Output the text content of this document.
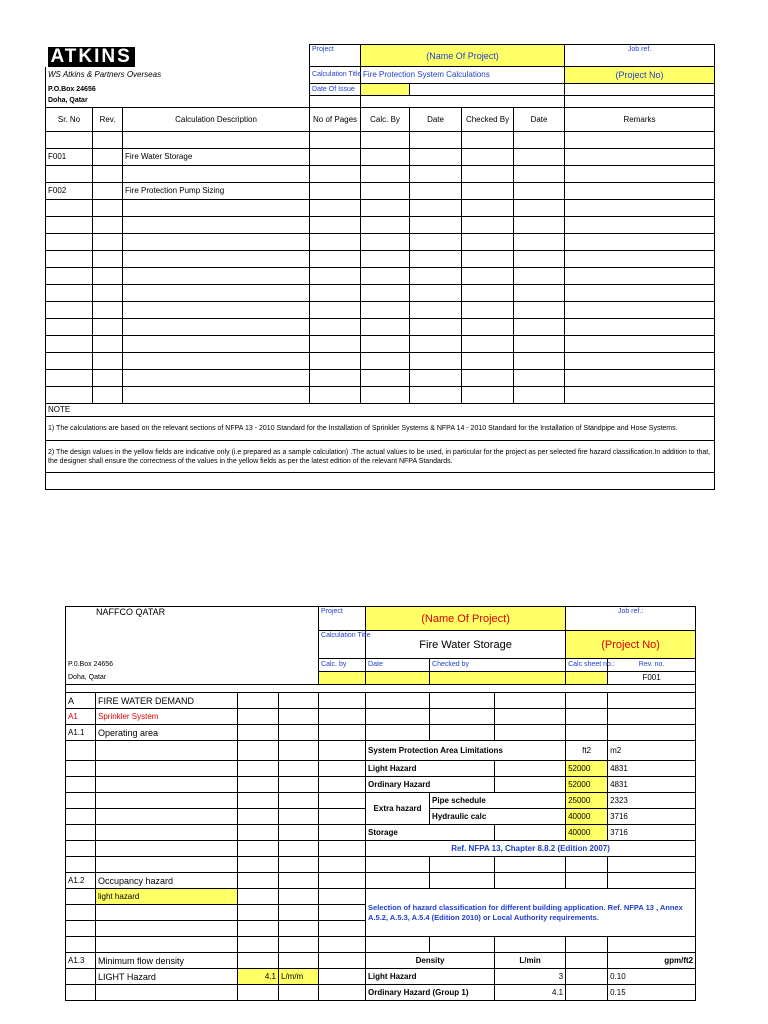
ATKINS			Project	(Name Of Project)				Job ref.
WS Atkins & Partners Overseas			Calculation Title	Fire Protection System Calculations				(Project No)
P.O.Box 24656			Date Of Issue					
Doha, Qatar								
Sr. No	Rev.	Calculation Description	No of Pages	Calc. By	Date	Checked By	Date	Remarks

F001		Fire Water Storage						

F002		Fire Protection Pump Sizing						

NOTE								
1) The calculations are based on the relevant sections of NFPA 13 - 2010 Standard for the Installation of Sprinkler Systems & NFPA 14 - 2010 Standard for the Installation of Standpipe and Hose Systems.								
2) The design values in the yellow fields are indicative only (i.e prepared as a sample calculation) .The actual values to be used, in particular for the project as per selected fire hazard classification.In addition to that, the designer shall ensure the correctness of the values in the yellow fields as per the latest edition of the relevant NFPA Standards.								

NAFFCO QATAR				Project	(Name Of Project)			Job ref.:	
				Calculation Title	Fire Water Storage			(Project No)	
P.0.Box 24656				Calc. by	Date	Checked by		Calc sheet no.:	Rev. no.
Doha, Qatar									F001

A	FIRE WATER DEMAND								
A1	Sprinkler System								
A1.1	Operating area								
					System Protection Area Limitations			ft2	m2
					Light Hazard			52000	4831
					Ordinary Hazard			52000	4831
					Extra hazard	Pipe schedule		25000	2323
						Hydraulic calc		40000	3716
					Storage			40000	3716
					Ref. NFPA 13, Chapter 8.8.2 (Edition 2007)				

A1.2	Occupancy hazard								
	light hazard				Selection of hazard classification for different building application. Ref. NFPA 13 , Annex A.5.2, A.5.3, A.5.4 (Edition 2010) or Local Authority requirements.				

A1.3	Minimum flow density				Density		L/min		gpm/ft2
	LIGHT Hazard	4.1	L/m/m		Light Hazard		3		0.10
					Ordinary Hazard (Group 1)		4.1		0.15
